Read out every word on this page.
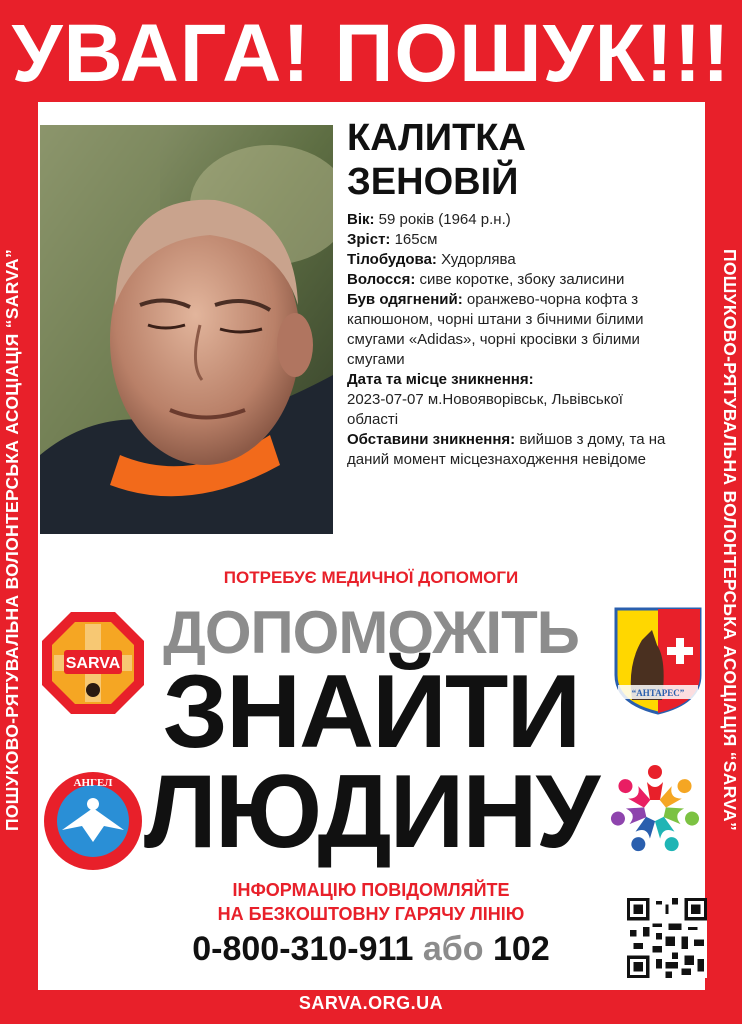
УВАГА! ПОШУК!!!
ПОШУКОВО-РЯТУВАЛЬНА ВОЛОНТЕРСЬКА АСОЦІАЦІЯ “SARVA”	ПОШУКОВО-РЯТУВАЛЬНА ВОЛОНТЕРСЬКА АСОЦІАЦІЯ “SARVA”
КАЛИТКА
ЗЕНОВІЙ
Вік: 59 років (1964 р.н.)
Зріст: 165см
Тілобудова: Худорлява
Волосся: сиве коротке, збоку залисини
Був одягнений: оранжево-чорна кофта з капюшоном, чорні штани з бічними білими смугами «Adidas», чорні кросівки з білими смугами
Дата та місце зникнення:
2023-07-07 м.Новояворівськ, Львівської області
Обставини зникнення: вийшов з дому, та на даний момент місцезнаходження невідоме
ПОТРЕБУЄ МЕДИЧНОЇ ДОПОМОГИ
ДОПОМОЖІТЬ
ЗНАЙТИ
ЛЮДИНУ
SARVA
“АНТАРЕС”
АНГЕЛ
ІНФОРМАЦІЮ ПОВІДОМЛЯЙТЕ
НА БЕЗКОШТОВНУ ГАРЯЧУ ЛІНІЮ
0-800-310-911 або 102
SARVA.ORG.UA
